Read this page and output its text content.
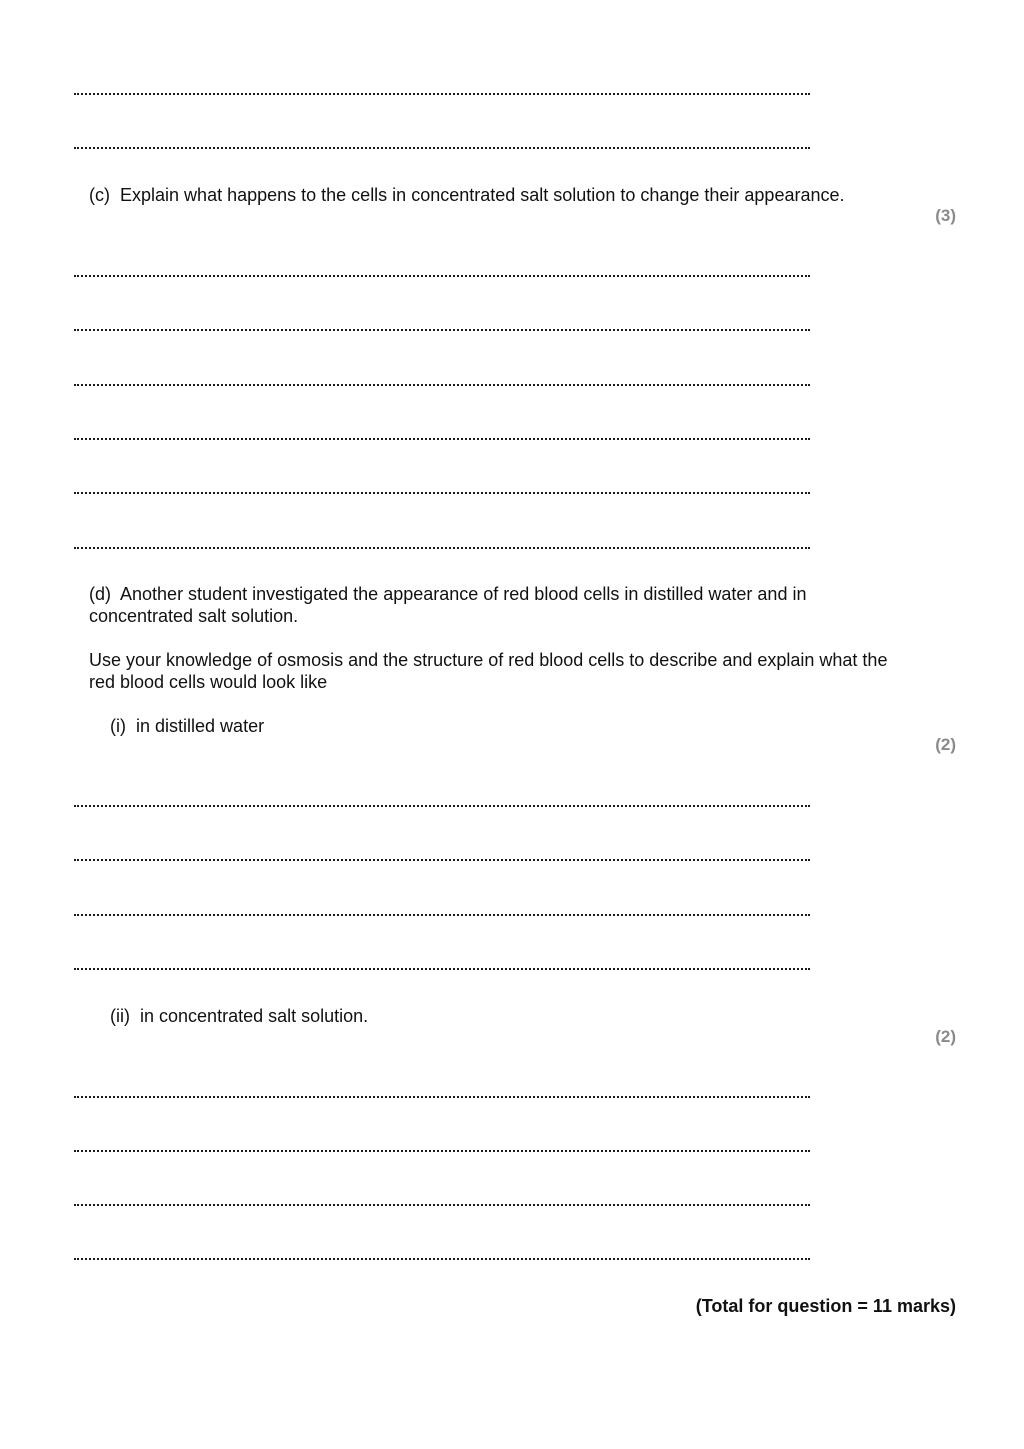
(c) Explain what happens to the cells in concentrated salt solution to change their appearance.
(3)
(d) Another student investigated the appearance of red blood cells in distilled water and in
concentrated salt solution.
Use your knowledge of osmosis and the structure of red blood cells to describe and explain what the
red blood cells would look like
(i) in distilled water
(2)
(ii) in concentrated salt solution.
(2)
(Total for question = 11 marks)
